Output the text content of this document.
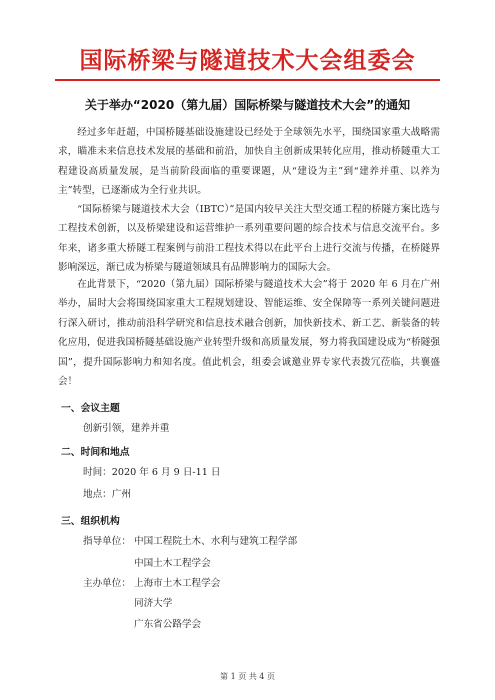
国际桥梁与隧道技术大会组委会
关于举办“2020（第九届）国际桥梁与隧道技术大会”的通知

经过多年赶超，中国桥隧基础设施建设已经处于全球领先水平，围绕国家重大战略需求，瞄准未来信息技术发展的基础和前沿，加快自主创新成果转化应用，推动桥隧重大工程建设高质量发展，是当前阶段面临的重要课题，从“建设为主”到“建养并重、以养为主”转型，已逐渐成为全行业共识。

“国际桥梁与隧道技术大会（IBTC）”是国内较早关注大型交通工程的桥隧方案比选与工程技术创新，以及桥梁建设和运营维护一系列重要问题的综合技术与信息交流平台。多年来，诸多重大桥隧工程案例与前沿工程技术得以在此平台上进行交流与传播，在桥隧界影响深远，渐已成为桥梁与隧道领域具有品牌影响力的国际大会。

在此背景下，“2020（第九届）国际桥梁与隧道技术大会”将于 2020 年 6 月在广州举办，届时大会将围绕国家重大工程规划建设、智能运维、安全保障等一系列关键问题进行深入研讨，推动前沿科学研究和信息技术融合创新，加快新技术、新工艺、新装备的转化应用，促进我国桥隧基础设施产业转型升级和高质量发展，努力将我国建设成为“桥隧强国”，提升国际影响力和知名度。值此机会，组委会诚邀业界专家代表拨冗莅临，共襄盛会！

一、会议主题
创新引领，建养并重
二、时间和地点
时间：2020 年 6 月 9 日-11 日
地点：广州
三、组织机构
指导单位： 中国工程院土木、水利与建筑工程学部
中国土木工程学会
主办单位： 上海市土木工程学会
同济大学
广东省公路学会
第 1 页 共 4 页
